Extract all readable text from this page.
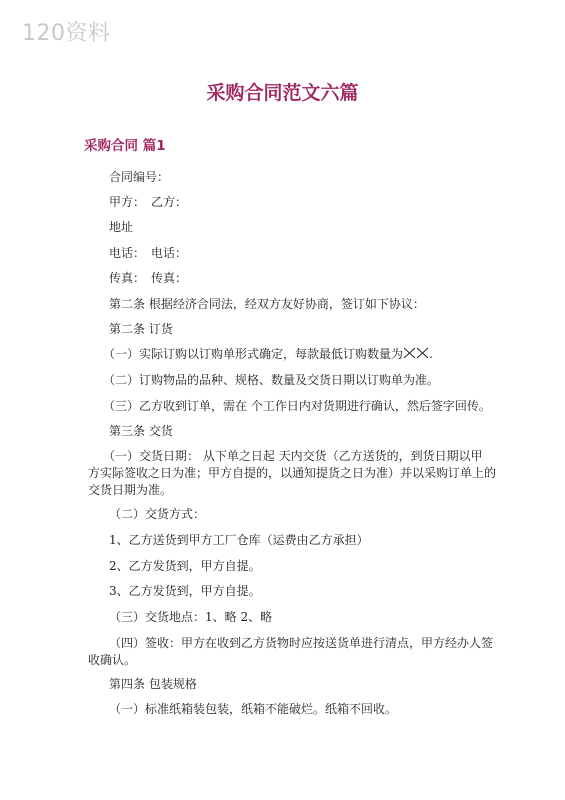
120资料
采购合同范文六篇
采购合同 篇1
合同编号：
甲方：　乙方：
地址
电话：　电话：
传真：　传真：
第二条 根据经济合同法，经双方友好协商，签订如下协议：
第二条 订货
（一）实际订购以订购单形式确定，每款最低订购数量为 .
（二）订购物品的品种、规格、数量及交货日期以订购单为准。
（三）乙方收到订单，需在 个工作日内对货期进行确认，然后签字回传。
第三条 交货
（一）交货日期： 从下单之日起 天内交货（乙方送货的，到货日期以甲
方实际签收之日为准；甲方自提的，以通知提货之日为准）并以采购订单上的
交货日期为准。
（二）交货方式：
1、乙方送货到甲方工厂仓库（运费由乙方承担）
2、乙方发货到，甲方自提。
3、乙方发货到，甲方自提。
（三）交货地点：1、略 2、略
（四）签收：甲方在收到乙方货物时应按送货单进行清点，甲方经办人签
收确认。
第四条 包装规格
（一）标准纸箱装包装，纸箱不能破烂。纸箱不回收。
